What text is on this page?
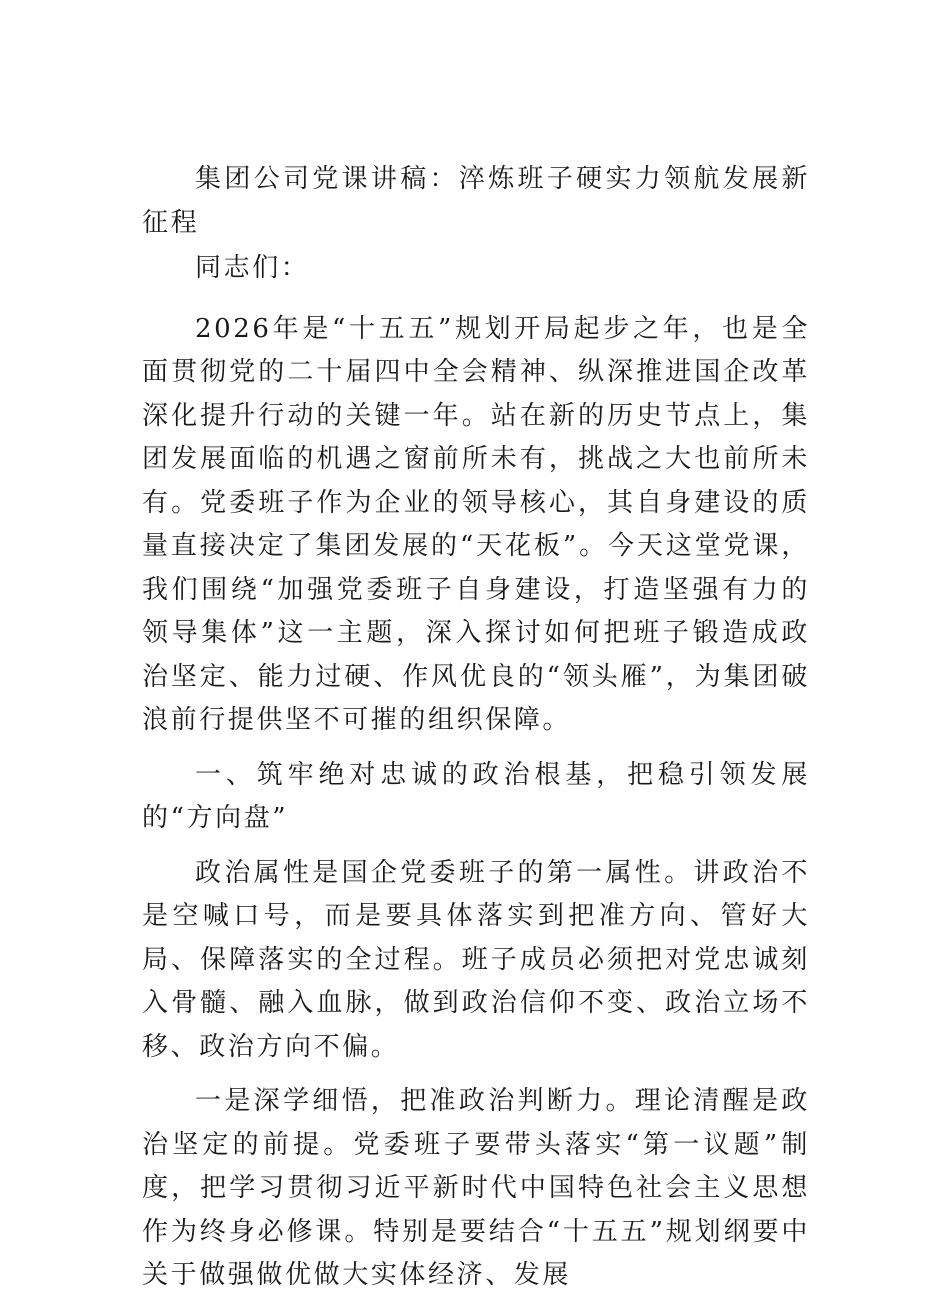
集团公司党课讲稿：淬炼班子硬实力领航发展新征程

同志们：

2026年是“十五五”规划开局起步之年，也是全面贯彻党的二十届四中全会精神、纵深推进国企改革深化提升行动的关键一年。站在新的历史节点上，集团发展面临的机遇之窗前所未有，挑战之大也前所未有。党委班子作为企业的领导核心，其自身建设的质量直接决定了集团发展的“天花板”。今天这堂党课，我们围绕“加强党委班子自身建设，打造坚强有力的领导集体”这一主题，深入探讨如何把班子锻造成政治坚定、能力过硬、作风优良的“领头雁”，为集团破浪前行提供坚不可摧的组织保障。

一、筑牢绝对忠诚的政治根基，把稳引领发展的“方向盘”

政治属性是国企党委班子的第一属性。讲政治不是空喊口号，而是要具体落实到把准方向、管好大局、保障落实的全过程。班子成员必须把对党忠诚刻入骨髓、融入血脉，做到政治信仰不变、政治立场不移、政治方向不偏。

一是深学细悟，把准政治判断力。理论清醒是政治坚定的前提。党委班子要带头落实“第一议题”制度，把学习贯彻习近平新时代中国特色社会主义思想作为终身必修课。特别是要结合“十五五”规划纲要中关于做强做优做大实体经济、发展
